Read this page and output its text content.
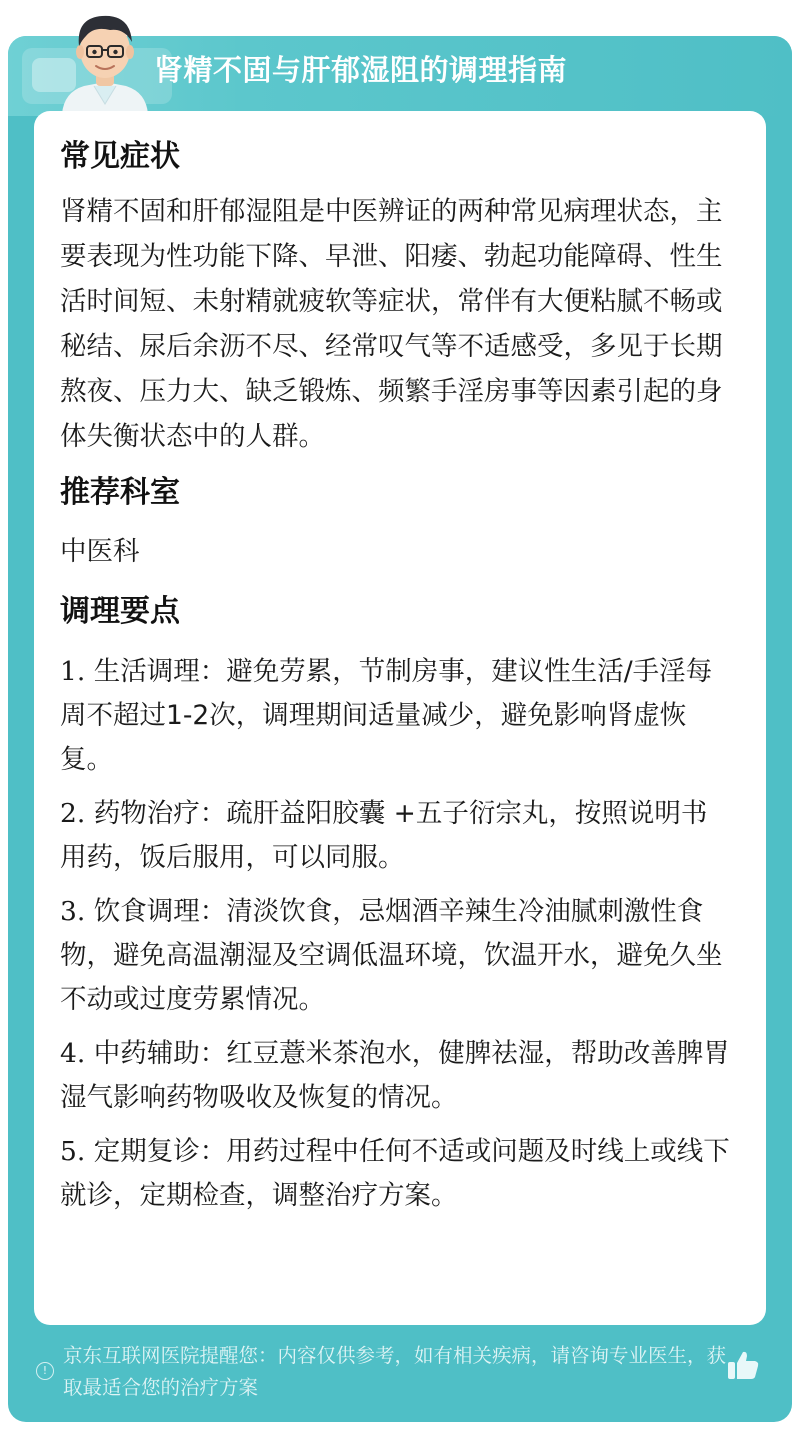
肾精不固与肝郁湿阻的调理指南
常见症状

肾精不固和肝郁湿阻是中医辨证的两种常见病理状态，主要表现为性功能下降、早泄、阳痿、勃起功能障碍、性生活时间短、未射精就疲软等症状，常伴有大便粘腻不畅或秘结、尿后余沥不尽、经常叹气等不适感受，多见于长期熬夜、压力大、缺乏锻炼、频繁手淫房事等因素引起的身体失衡状态中的人群。

推荐科室

中医科

调理要点

1. 生活调理：避免劳累，节制房事，建议性生活/手淫每周不超过1-2次，调理期间适量减少，避免影响肾虚恢复。

2. 药物治疗：疏肝益阳胶囊 +五子衍宗丸，按照说明书用药，饭后服用，可以同服。

3. 饮食调理：清淡饮食，忌烟酒辛辣生冷油腻刺激性食物，避免高温潮湿及空调低温环境，饮温开水，避免久坐不动或过度劳累情况。

4. 中药辅助：红豆薏米茶泡水，健脾祛湿，帮助改善脾胃湿气影响药物吸收及恢复的情况。

5. 定期复诊：用药过程中任何不适或问题及时线上或线下就诊，定期检查，调整治疗方案。

!
京东互联网医院提醒您：内容仅供参考，如有相关疾病，请咨询专业医生，获取最适合您的治疗方案
